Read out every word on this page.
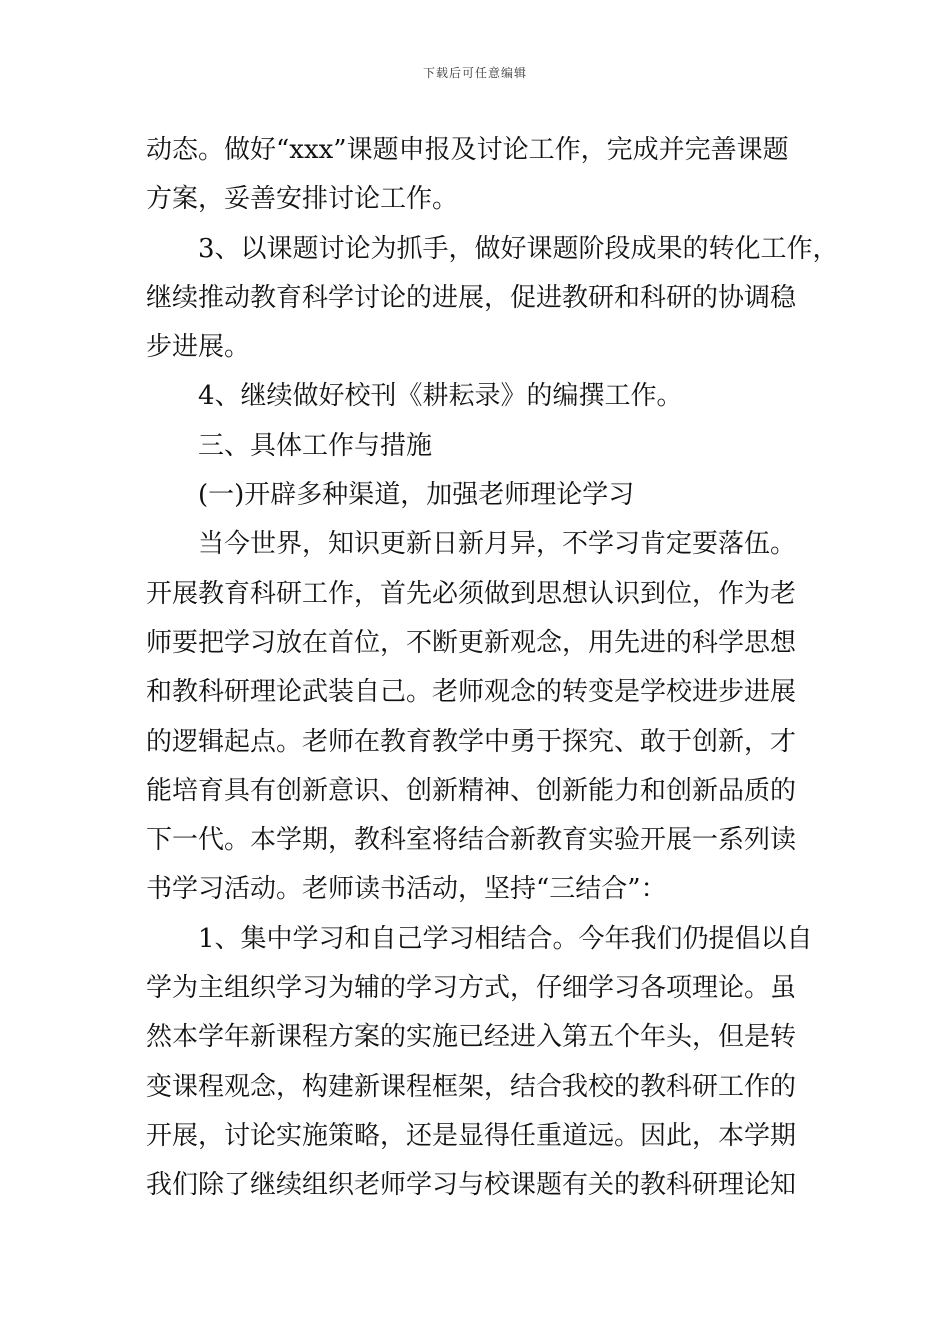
下载后可任意编辑
动态。做好“xxx”课题申报及讨论工作，完成并完善课题
方案，妥善安排讨论工作。
3、以课题讨论为抓手，做好课题阶段成果的转化工作，
继续推动教育科学讨论的进展，促进教研和科研的协调稳
步进展。
4、继续做好校刊《耕耘录》的编撰工作。
三、具体工作与措施
(一)开辟多种渠道，加强老师理论学习
当今世界，知识更新日新月异，不学习肯定要落伍。
开展教育科研工作，首先必须做到思想认识到位，作为老
师要把学习放在首位，不断更新观念，用先进的科学思想
和教科研理论武装自己。老师观念的转变是学校进步进展
的逻辑起点。老师在教育教学中勇于探究、敢于创新，才
能培育具有创新意识、创新精神、创新能力和创新品质的
下一代。本学期，教科室将结合新教育实验开展一系列读
书学习活动。老师读书活动，坚持“三结合”：
1、集中学习和自己学习相结合。今年我们仍提倡以自
学为主组织学习为辅的学习方式，仔细学习各项理论。虽
然本学年新课程方案的实施已经进入第五个年头，但是转
变课程观念，构建新课程框架，结合我校的教科研工作的
开展，讨论实施策略，还是显得任重道远。因此，本学期
我们除了继续组织老师学习与校课题有关的教科研理论知
